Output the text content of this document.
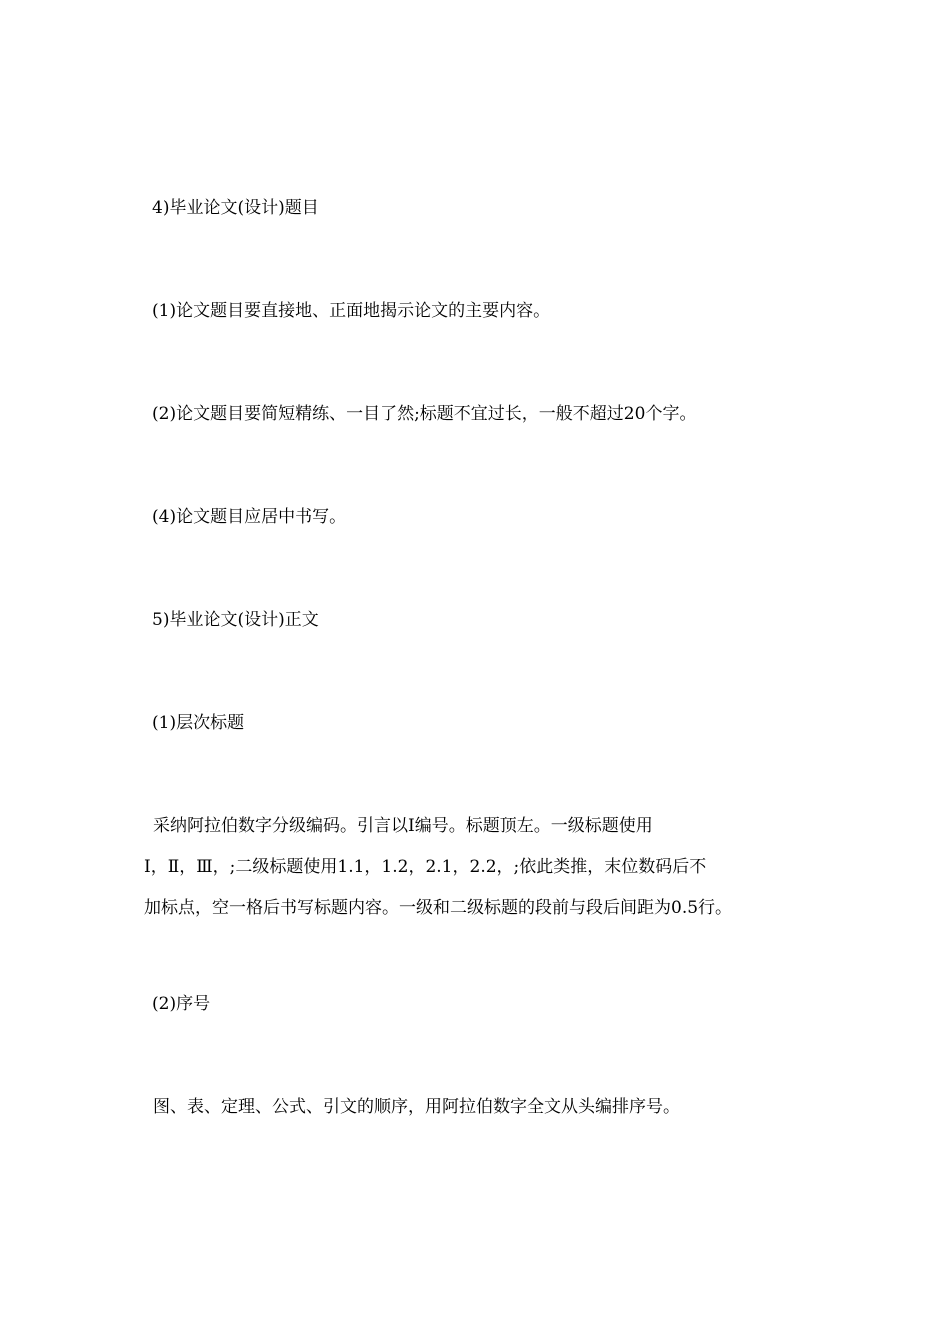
4)毕业论文(设计)题目

(1)论文题目要直接地、正面地揭示论文的主要内容。

(2)论文题目要简短精练、一目了然;标题不宜过长，一般不超过20个字。

(4)论文题目应居中书写。

5)毕业论文(设计)正文

(1)层次标题

采纳阿拉伯数字分级编码。引言以Ⅰ编号。标题顶左。一级标题使用
Ⅰ，Ⅱ，Ⅲ，;二级标题使用1.1，1.2，2.1，2.2，;依此类推，末位数码后不
加标点，空一格后书写标题内容。一级和二级标题的段前与段后间距为0.5行。

(2)序号

图、表、定理、公式、引文的顺序，用阿拉伯数字全文从头编排序号。
